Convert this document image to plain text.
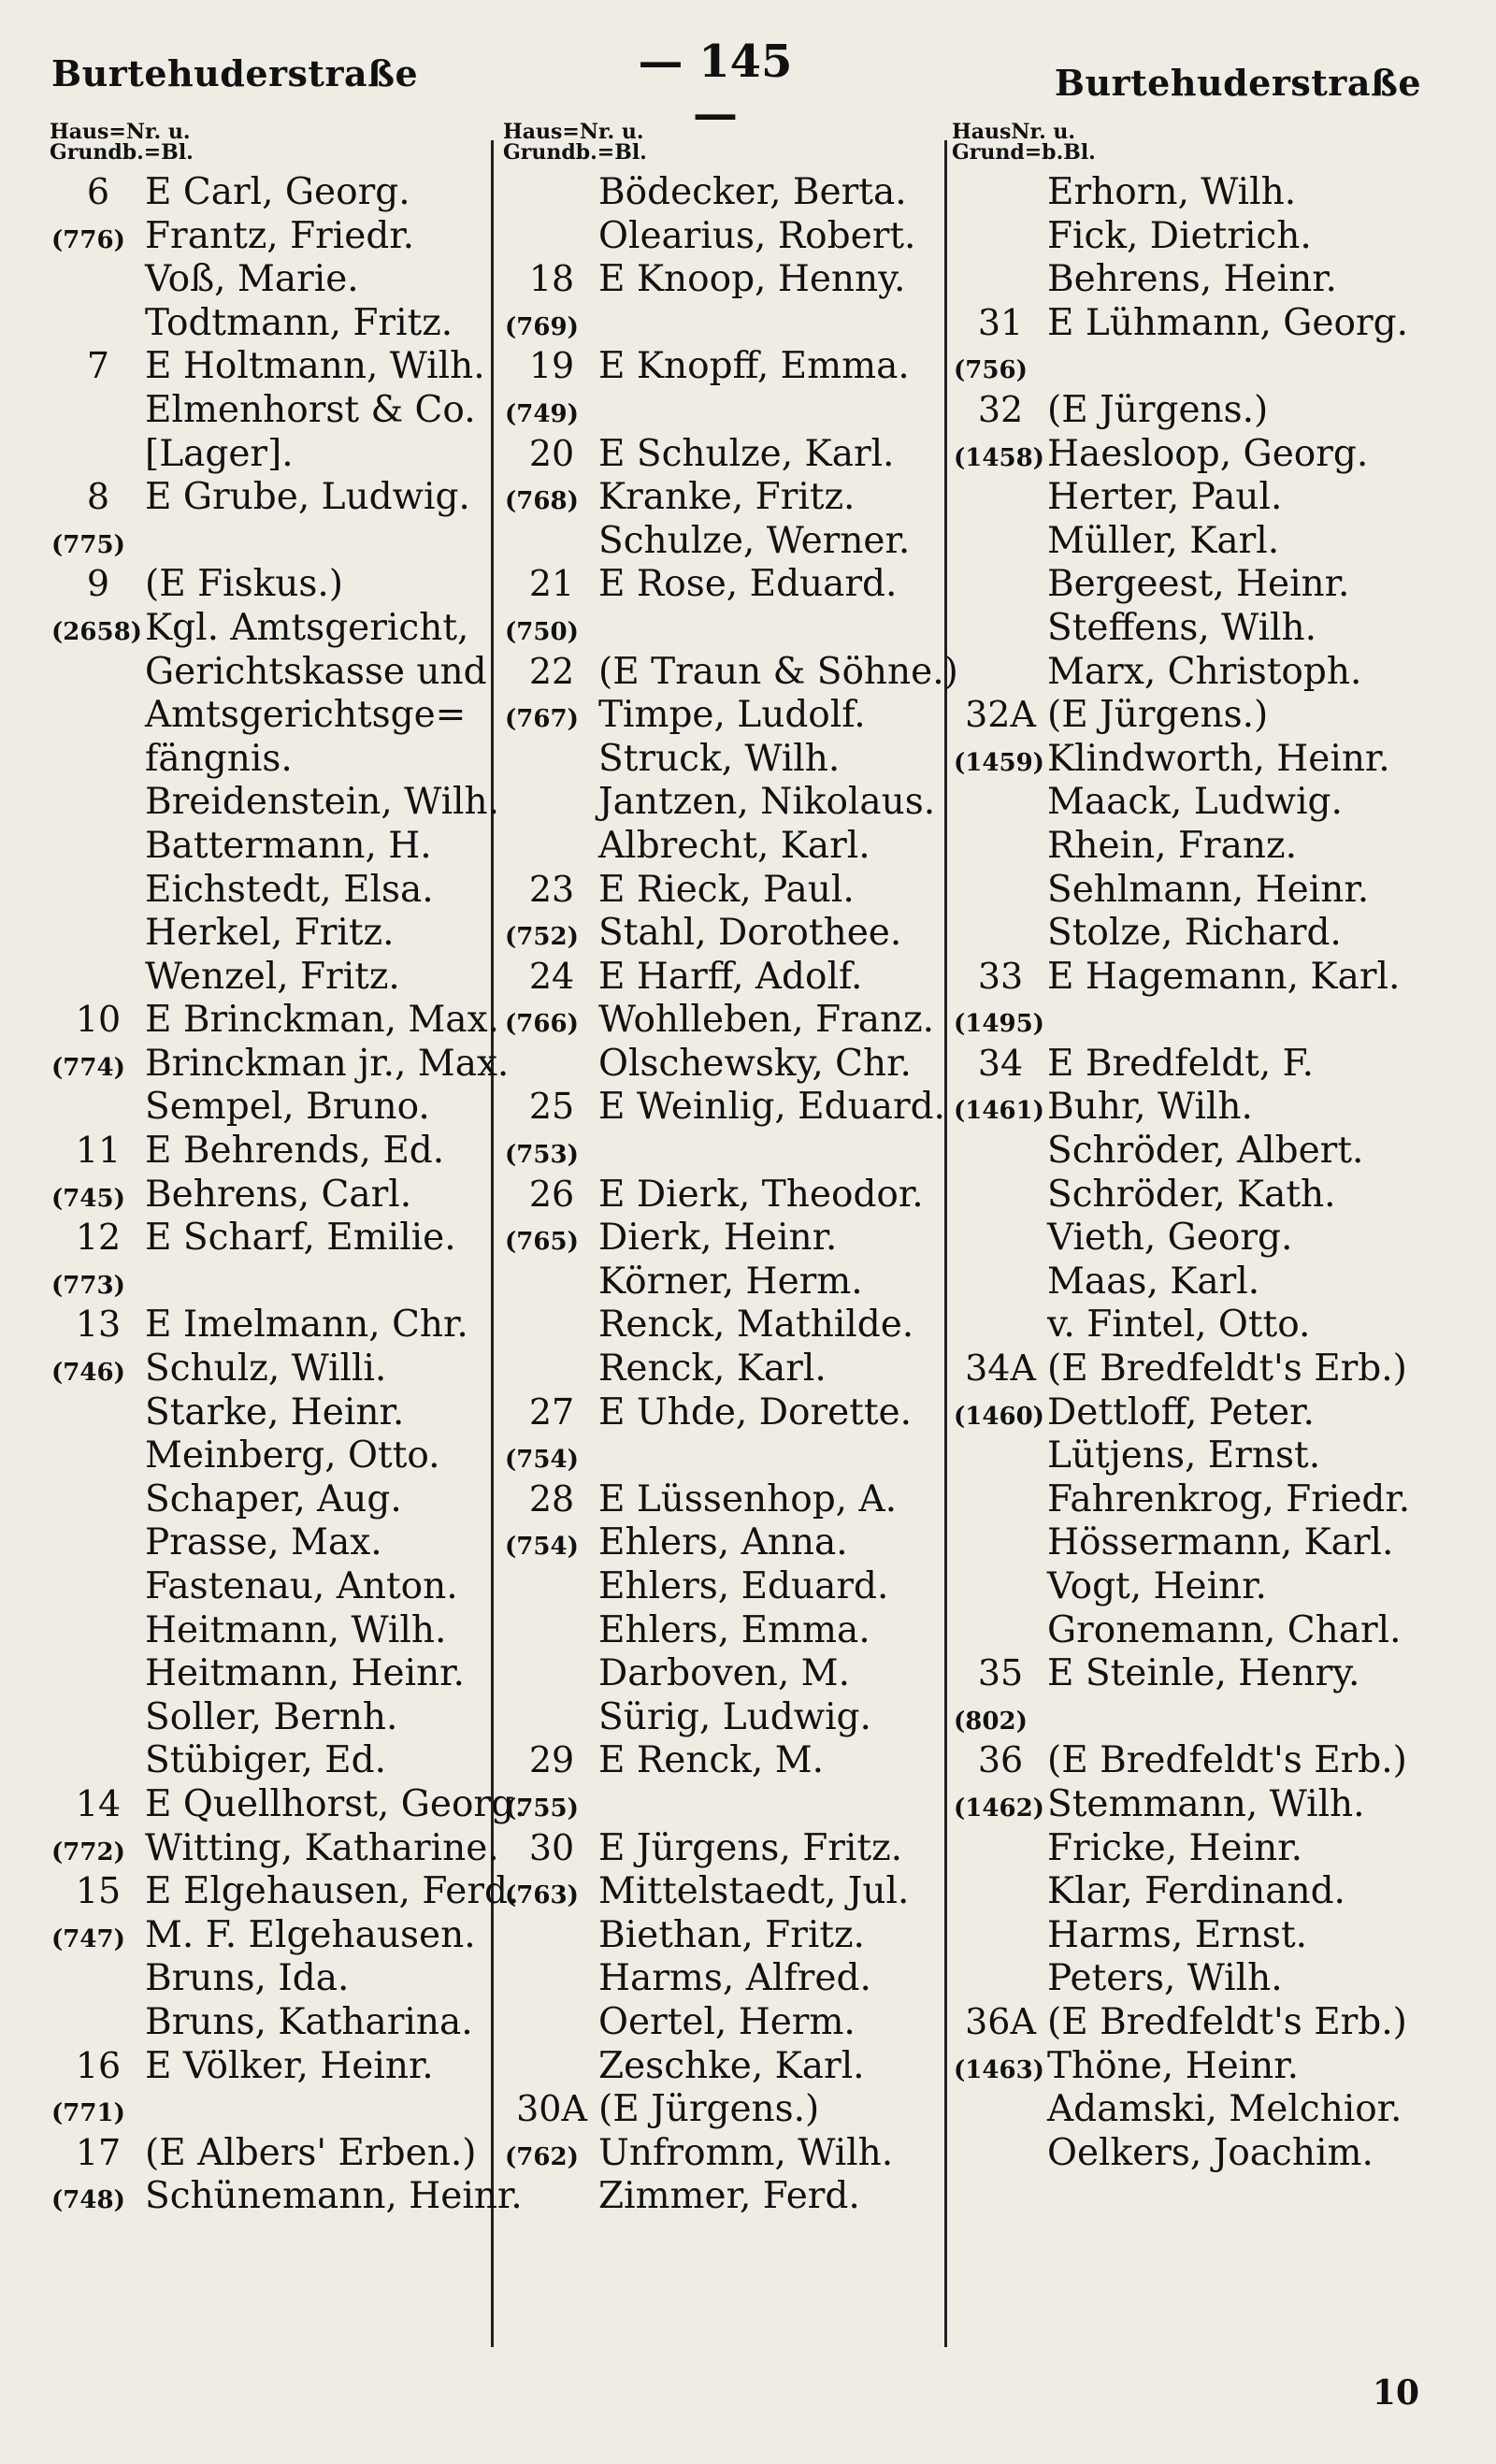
Burtehuderstraße	— 145 —
Burtehuderstraße
Haus=Nr. u.
Grundb.=Bl.
6 E Carl, Georg.
(776) Frantz, Friedr.
Voß, Marie.
Todtmann, Fritz.
7 E Holtmann, Wilh.
Elmenhorst & Co.
[Lager].
8 E Grube, Ludwig.
(775)
9 (E Fiskus.)
(2658)Kgl. Amtsgericht,
Gerichtskasse und
Amtsgerichtsge=
fängnis.
Breidenstein, Wilh.
Battermann, H.
Eichstedt, Elsa.
Herkel, Fritz.
Wenzel, Fritz.
10 E Brinckman, Max.
(774) Brinckman jr., Max.
Sempel, Bruno.
11 E Behrends, Ed.
(745) Behrens, Carl.
12 E Scharf, Emilie.
(773)
13 E Imelmann, Chr.
(746) Schulz, Willi.
Starke, Heinr.
Meinberg, Otto.
Schaper, Aug.
Prasse, Max.
Fastenau, Anton.
Heitmann, Wilh.
Heitmann, Heinr.
Soller, Bernh.
Stübiger, Ed.
14 E Quellhorst, Georg.
(772) Witting, Katharine.
15 E Elgehausen, Ferd.
(747) M. F. Elgehausen.
Bruns, Ida.
Bruns, Katharina.
16 E Völker, Heinr.
(771)
17 (E Albers' Erben.)
(748) Schünemann, Heinr.
Haus=Nr. u.
Grundb.=Bl.
Bödecker, Berta.
Olearius, Robert.
18 E Knoop, Henny.
(769)
19 E Knopff, Emma.
(749)
20 E Schulze, Karl.
(768) Kranke, Fritz.
Schulze, Werner.
21 E Rose, Eduard.
(750)
22 (E Traun & Söhne.)
(767) Timpe, Ludolf.
Struck, Wilh.
Jantzen, Nikolaus.
Albrecht, Karl.
23 E Rieck, Paul.
(752) Stahl, Dorothee.
24 E Harff, Adolf.
(766) Wohlleben, Franz.
Olschewsky, Chr.
25 E Weinlig, Eduard.
(753)
26 E Dierk, Theodor.
(765) Dierk, Heinr.
Körner, Herm.
Renck, Mathilde.
Renck, Karl.
27 E Uhde, Dorette.
(754)
28 E Lüssenhop, A.
(754) Ehlers, Anna.
Ehlers, Eduard.
Ehlers, Emma.
Darboven, M.
Sürig, Ludwig.
29 E Renck, M.
(755)
30 E Jürgens, Fritz.
(763) Mittelstaedt, Jul.
Biethan, Fritz.
Harms, Alfred.
Oertel, Herm.
Zeschke, Karl.
30A (E Jürgens.)
(762) Unfromm, Wilh.
Zimmer, Ferd.
HausNr. u.
Grund=b.Bl.
Erhorn, Wilh.
Fick, Dietrich.
Behrens, Heinr.
31 E Lühmann, Georg.
(756)
32 (E Jürgens.)
(1458)Haesloop, Georg.
Herter, Paul.
Müller, Karl.
Bergeest, Heinr.
Steffens, Wilh.
Marx, Christoph.
32A (E Jürgens.)
(1459)Klindworth, Heinr.
Maack, Ludwig.
Rhein, Franz.
Sehlmann, Heinr.
Stolze, Richard.
33 E Hagemann, Karl.
(1495)
34 E Bredfeldt, F.
(1461)Buhr, Wilh.
Schröder, Albert.
Schröder, Kath.
Vieth, Georg.
Maas, Karl.
v. Fintel, Otto.
34A (E Bredfeldt's Erb.)
(1460)Dettloff, Peter.
Lütjens, Ernst.
Fahrenkrog, Friedr.
Hössermann, Karl.
Vogt, Heinr.
Gronemann, Charl.
35 E Steinle, Henry.
(802)
36 (E Bredfeldt's Erb.)
(1462)Stemmann, Wilh.
Fricke, Heinr.
Klar, Ferdinand.
Harms, Ernst.
Peters, Wilh.
36A (E Bredfeldt's Erb.)
(1463)Thöne, Heinr.
Adamski, Melchior.
Oelkers, Joachim.
10
